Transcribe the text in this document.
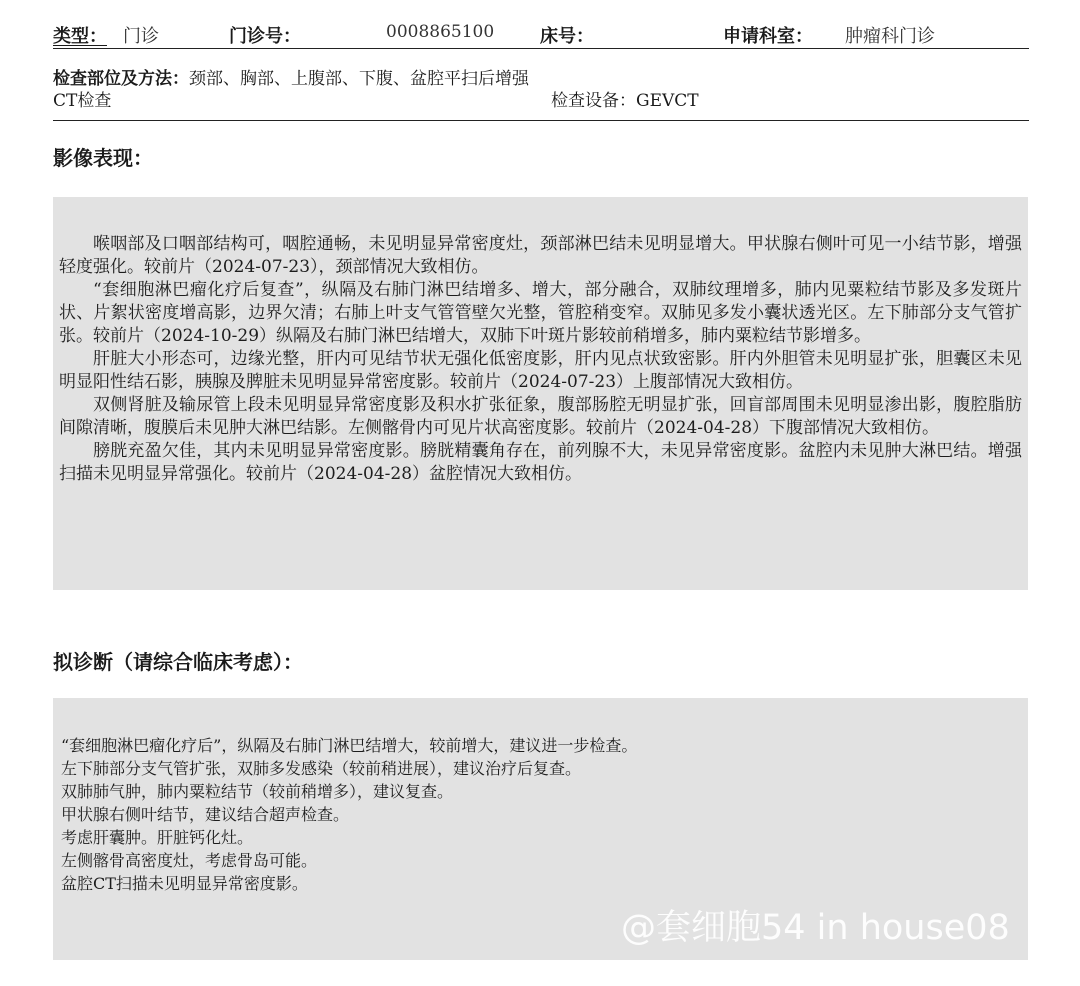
类型： 门诊	门诊号：	0008865100	床号：	申请科室： 肿瘤科门诊
检查部位及方法：颈部、胸部、上腹部、下腹、盆腔平扫后增强CT检查	检查设备：GEVCT
影像表现：

喉咽部及口咽部结构可，咽腔通畅，未见明显异常密度灶，颈部淋巴结未见明显增大。甲状腺右侧叶可见一小结节影，增强轻度强化。较前片（2024-07-23），颈部情况大致相仿。

“套细胞淋巴瘤化疗后复查”，纵隔及右肺门淋巴结增多、增大，部分融合，双肺纹理增多，肺内见粟粒结节影及多发斑片状、片絮状密度增高影，边界欠清；右肺上叶支气管管壁欠光整，管腔稍变窄。双肺见多发小囊状透光区。左下肺部分支气管扩张。较前片（2024-10-29）纵隔及右肺门淋巴结增大，双肺下叶斑片影较前稍增多，肺内粟粒结节影增多。

肝脏大小形态可，边缘光整，肝内可见结节状无强化低密度影，肝内见点状致密影。肝内外胆管未见明显扩张，胆囊区未见明显阳性结石影，胰腺及脾脏未见明显异常密度影。较前片（2024-07-23）上腹部情况大致相仿。

双侧肾脏及输尿管上段未见明显异常密度影及积水扩张征象，腹部肠腔无明显扩张，回盲部周围未见明显渗出影，腹腔脂肪间隙清晰，腹膜后未见肿大淋巴结影。左侧髂骨内可见片状高密度影。较前片（2024-04-28）下腹部情况大致相仿。

膀胱充盈欠佳，其内未见明显异常密度影。膀胱精囊角存在，前列腺不大，未见异常密度影。盆腔内未见肿大淋巴结。增强扫描未见明显异常强化。较前片（2024-04-28）盆腔情况大致相仿。

拟诊断（请综合临床考虑）：
“套细胞淋巴瘤化疗后”，纵隔及右肺门淋巴结增大，较前增大，建议进一步检查。
左下肺部分支气管扩张，双肺多发感染（较前稍进展），建议治疗后复查。
双肺肺气肿，肺内粟粒结节（较前稍增多），建议复查。
甲状腺右侧叶结节，建议结合超声检查。
考虑肝囊肿。肝脏钙化灶。
左侧髂骨高密度灶，考虑骨岛可能。
盆腔CT扫描未见明显异常密度影。
@套细胞54 in house08
